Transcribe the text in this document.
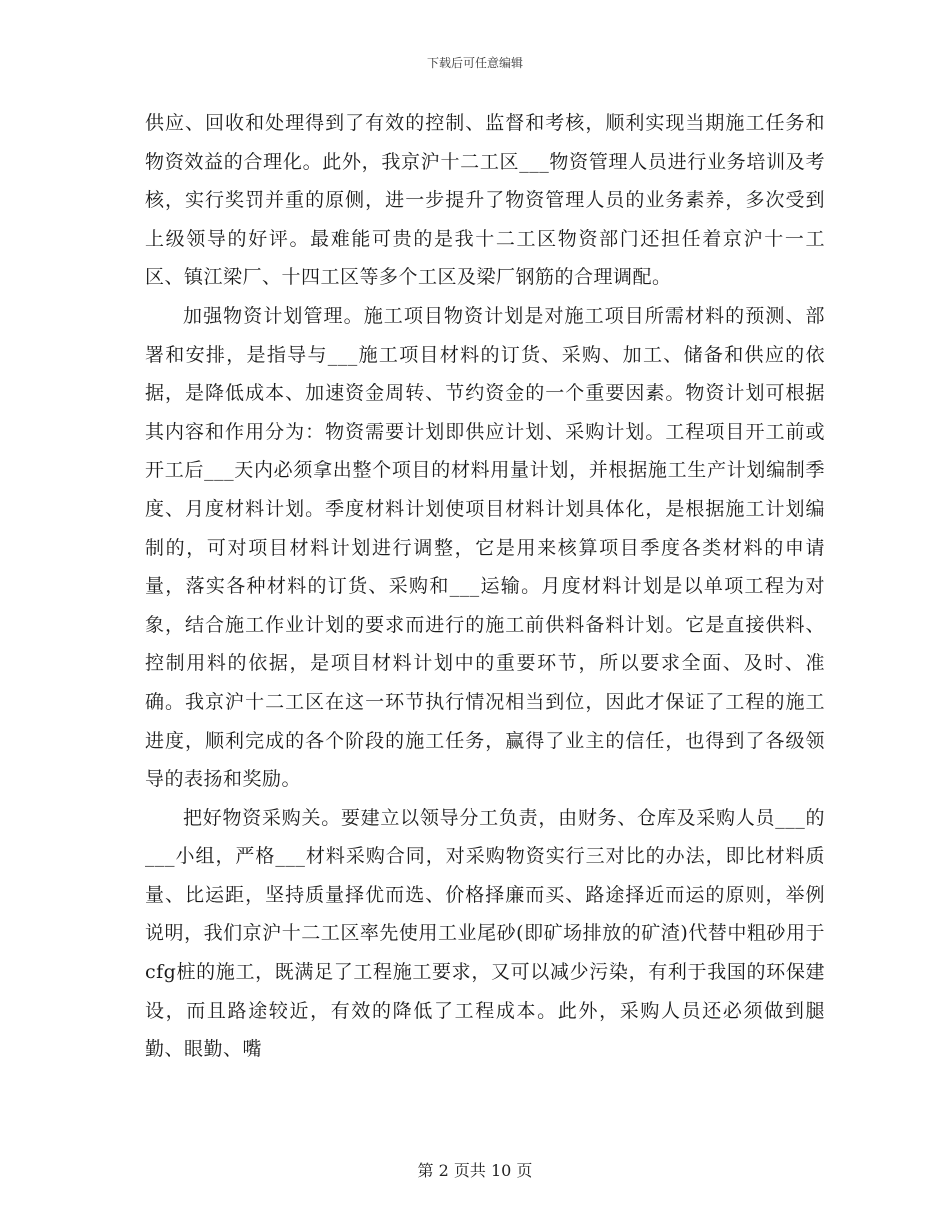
下载后可任意编辑

供应、回收和处理得到了有效的控制、监督和考核，顺利实现当期施工任务和物资效益的合理化。此外，我京沪十二工区___物资管理人员进行业务培训及考核，实行奖罚并重的原侧，进一步提升了物资管理人员的业务素养，多次受到上级领导的好评。最难能可贵的是我十二工区物资部门还担任着京沪十一工区、镇江梁厂、十四工区等多个工区及梁厂钢筋的合理调配。

加强物资计划管理。施工项目物资计划是对施工项目所需材料的预测、部署和安排，是指导与___施工项目材料的订货、采购、加工、储备和供应的依据，是降低成本、加速资金周转、节约资金的一个重要因素。物资计划可根据其内容和作用分为：物资需要计划即供应计划、采购计划。工程项目开工前或开工后___天内必须拿出整个项目的材料用量计划，并根据施工生产计划编制季度、月度材料计划。季度材料计划使项目材料计划具体化，是根据施工计划编制的，可对项目材料计划进行调整，它是用来核算项目季度各类材料的申请量，落实各种材料的订货、采购和___运输。月度材料计划是以单项工程为对象，结合施工作业计划的要求而进行的施工前供料备料计划。它是直接供料、控制用料的依据，是项目材料计划中的重要环节，所以要求全面、及时、准确。我京沪十二工区在这一环节执行情况相当到位，因此才保证了工程的施工进度，顺利完成的各个阶段的施工任务，赢得了业主的信任，也得到了各级领导的表扬和奖励。

把好物资采购关。要建立以领导分工负责，由财务、仓库及采购人员___的___小组，严格___材料采购合同，对采购物资实行三对比的办法，即比材料质量、比运距，坚持质量择优而选、价格择廉而买、路途择近而运的原则，举例说明，我们京沪十二工区率先使用工业尾砂(即矿场排放的矿渣)代替中粗砂用于cfg桩的施工，既满足了工程施工要求，又可以减少污染，有利于我国的环保建设，而且路途较近，有效的降低了工程成本。此外，采购人员还必须做到腿勤、眼勤、嘴

第 2 页共 10 页
